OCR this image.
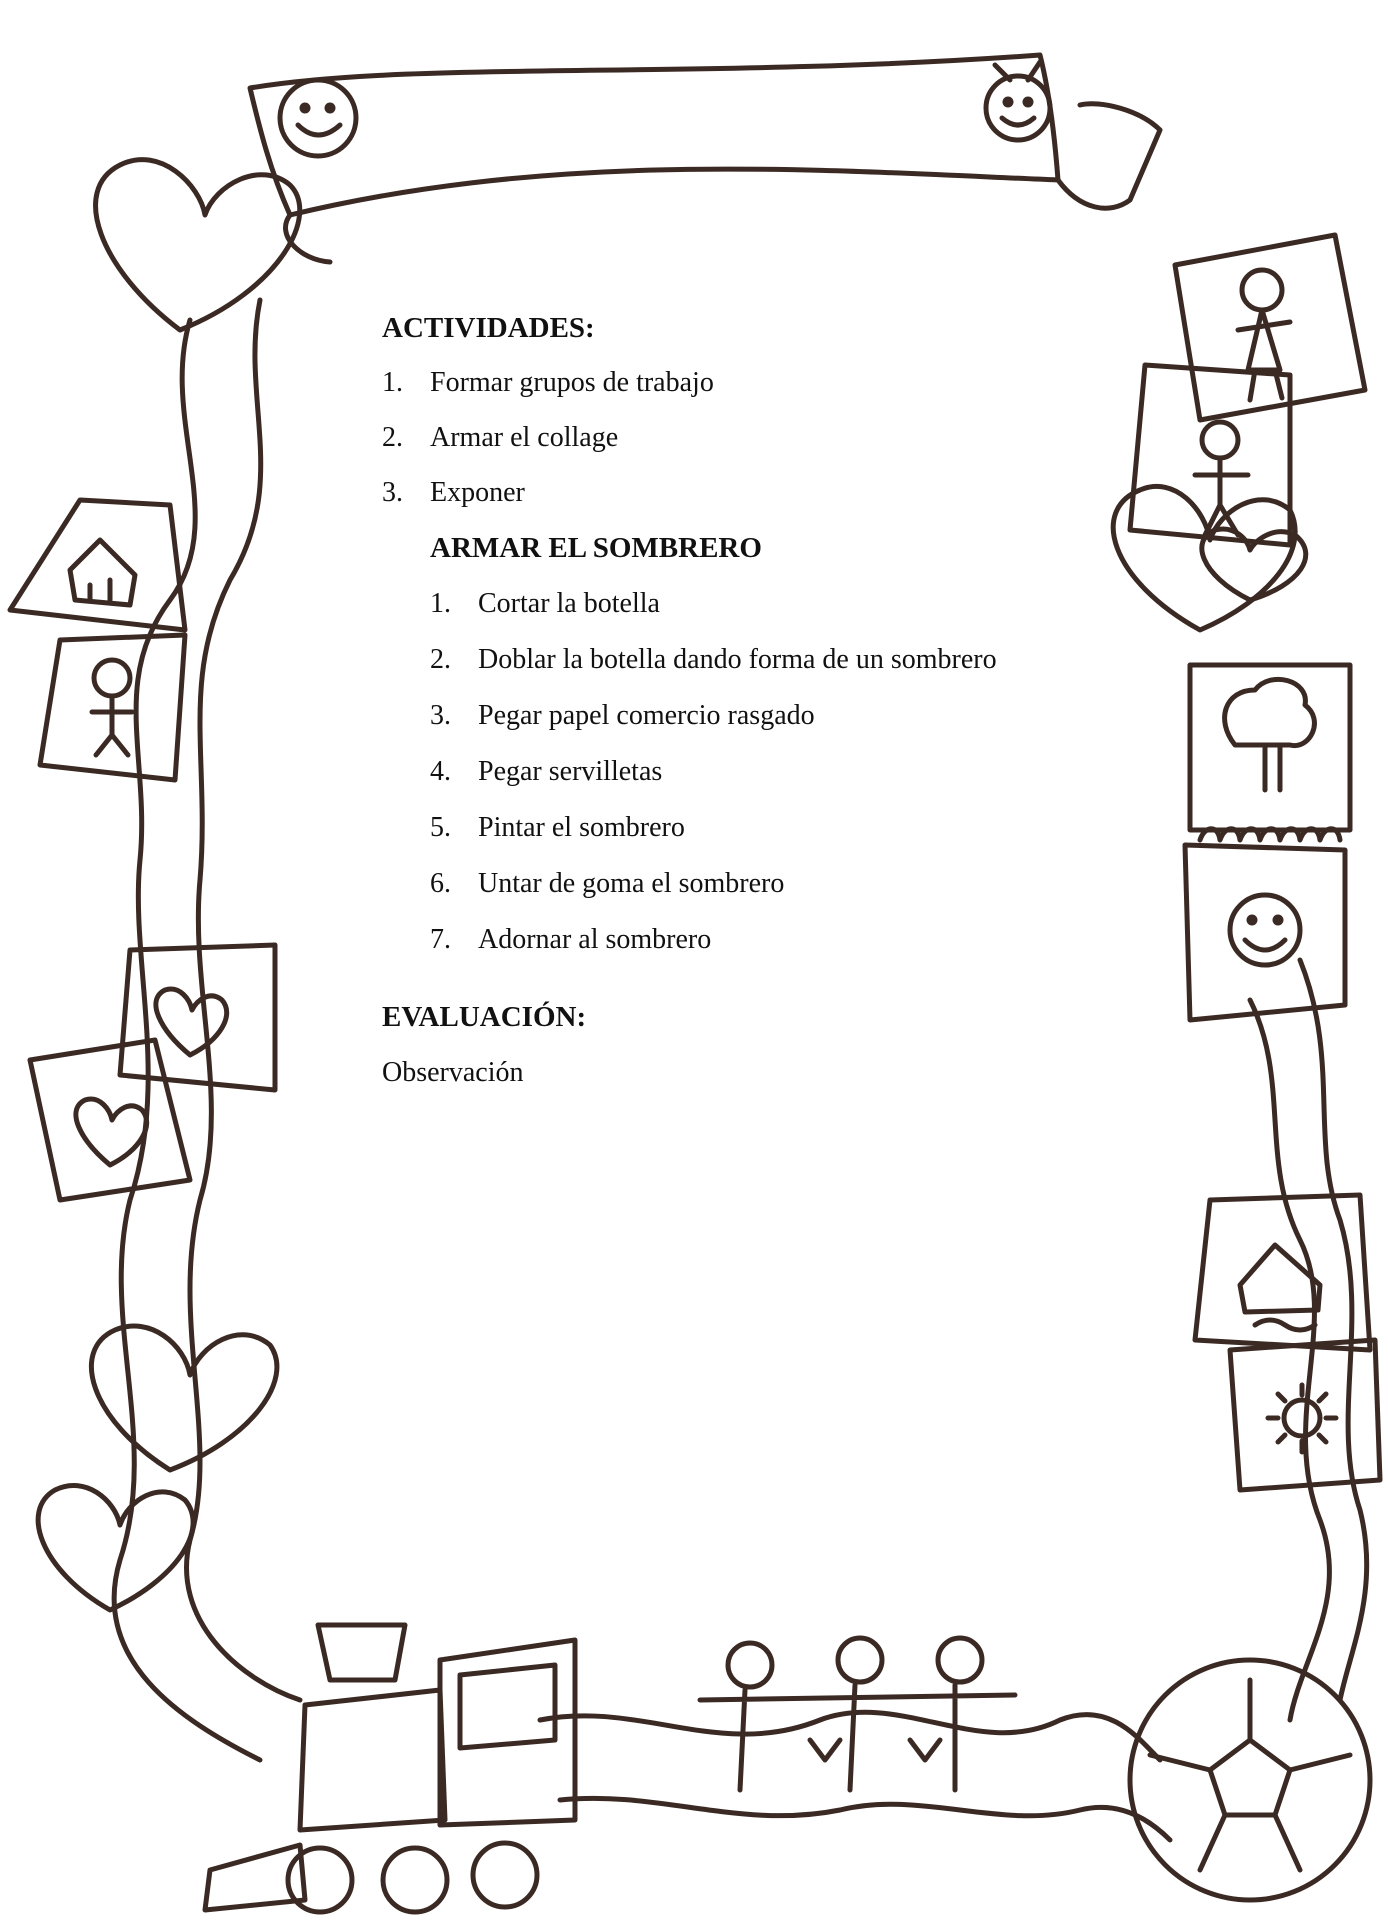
ACTIVIDADES:
1. Formar grupos de trabajo
2. Armar el collage
3. Exponer
ARMAR EL SOMBRERO
1. Cortar la botella
2. Doblar la botella dando forma de un sombrero
3. Pegar papel comercio rasgado
4. Pegar servilletas
5. Pintar el sombrero
6. Untar de goma el sombrero
7. Adornar al sombrero
EVALUACIÓN:
Observación
